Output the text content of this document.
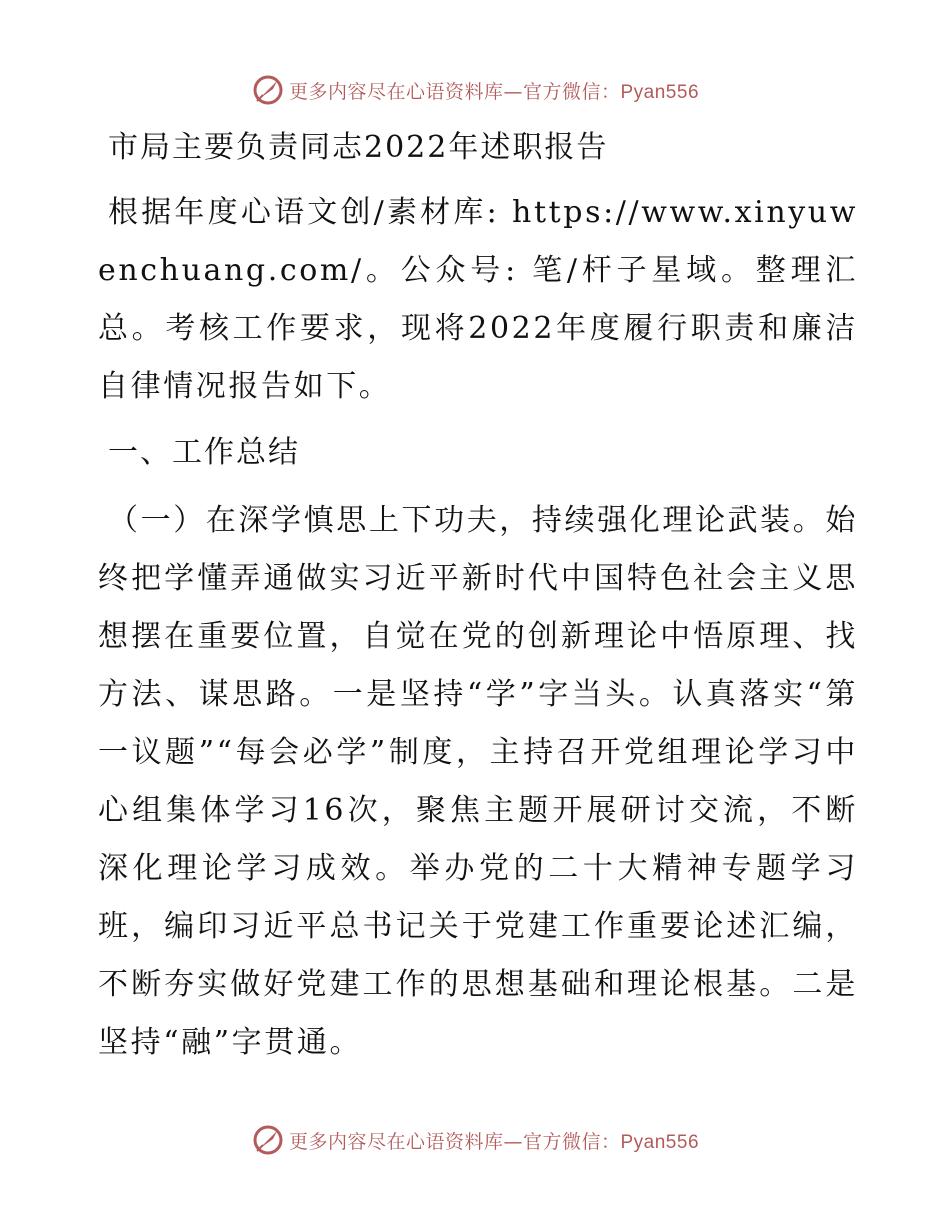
更多内容尽在心语资料库—官方微信：Pyan556
市局主要负责同志2022年述职报告

根据年度心语文创/素材库: https://www.xinyuwenchuang.com/。公众号: 笔/杆子星域。整理汇总。考核工作要求，现将2022年度履行职责和廉洁自律情况报告如下。

一、工作总结

（一）在深学慎思上下功夫，持续强化理论武装。始终把学懂弄通做实习近平新时代中国特色社会主义思想摆在重要位置，自觉在党的创新理论中悟原理、找方法、谋思路。一是坚持“学”字当头。认真落实“第一议题”“每会必学”制度，主持召开党组理论学习中心组集体学习16次，聚焦主题开展研讨交流，不断深化理论学习成效。举办党的二十大精神专题学习班，编印习近平总书记关于党建工作重要论述汇编，不断夯实做好党建工作的思想基础和理论根基。二是坚持“融”字贯通。

更多内容尽在心语资料库—官方微信：Pyan556
